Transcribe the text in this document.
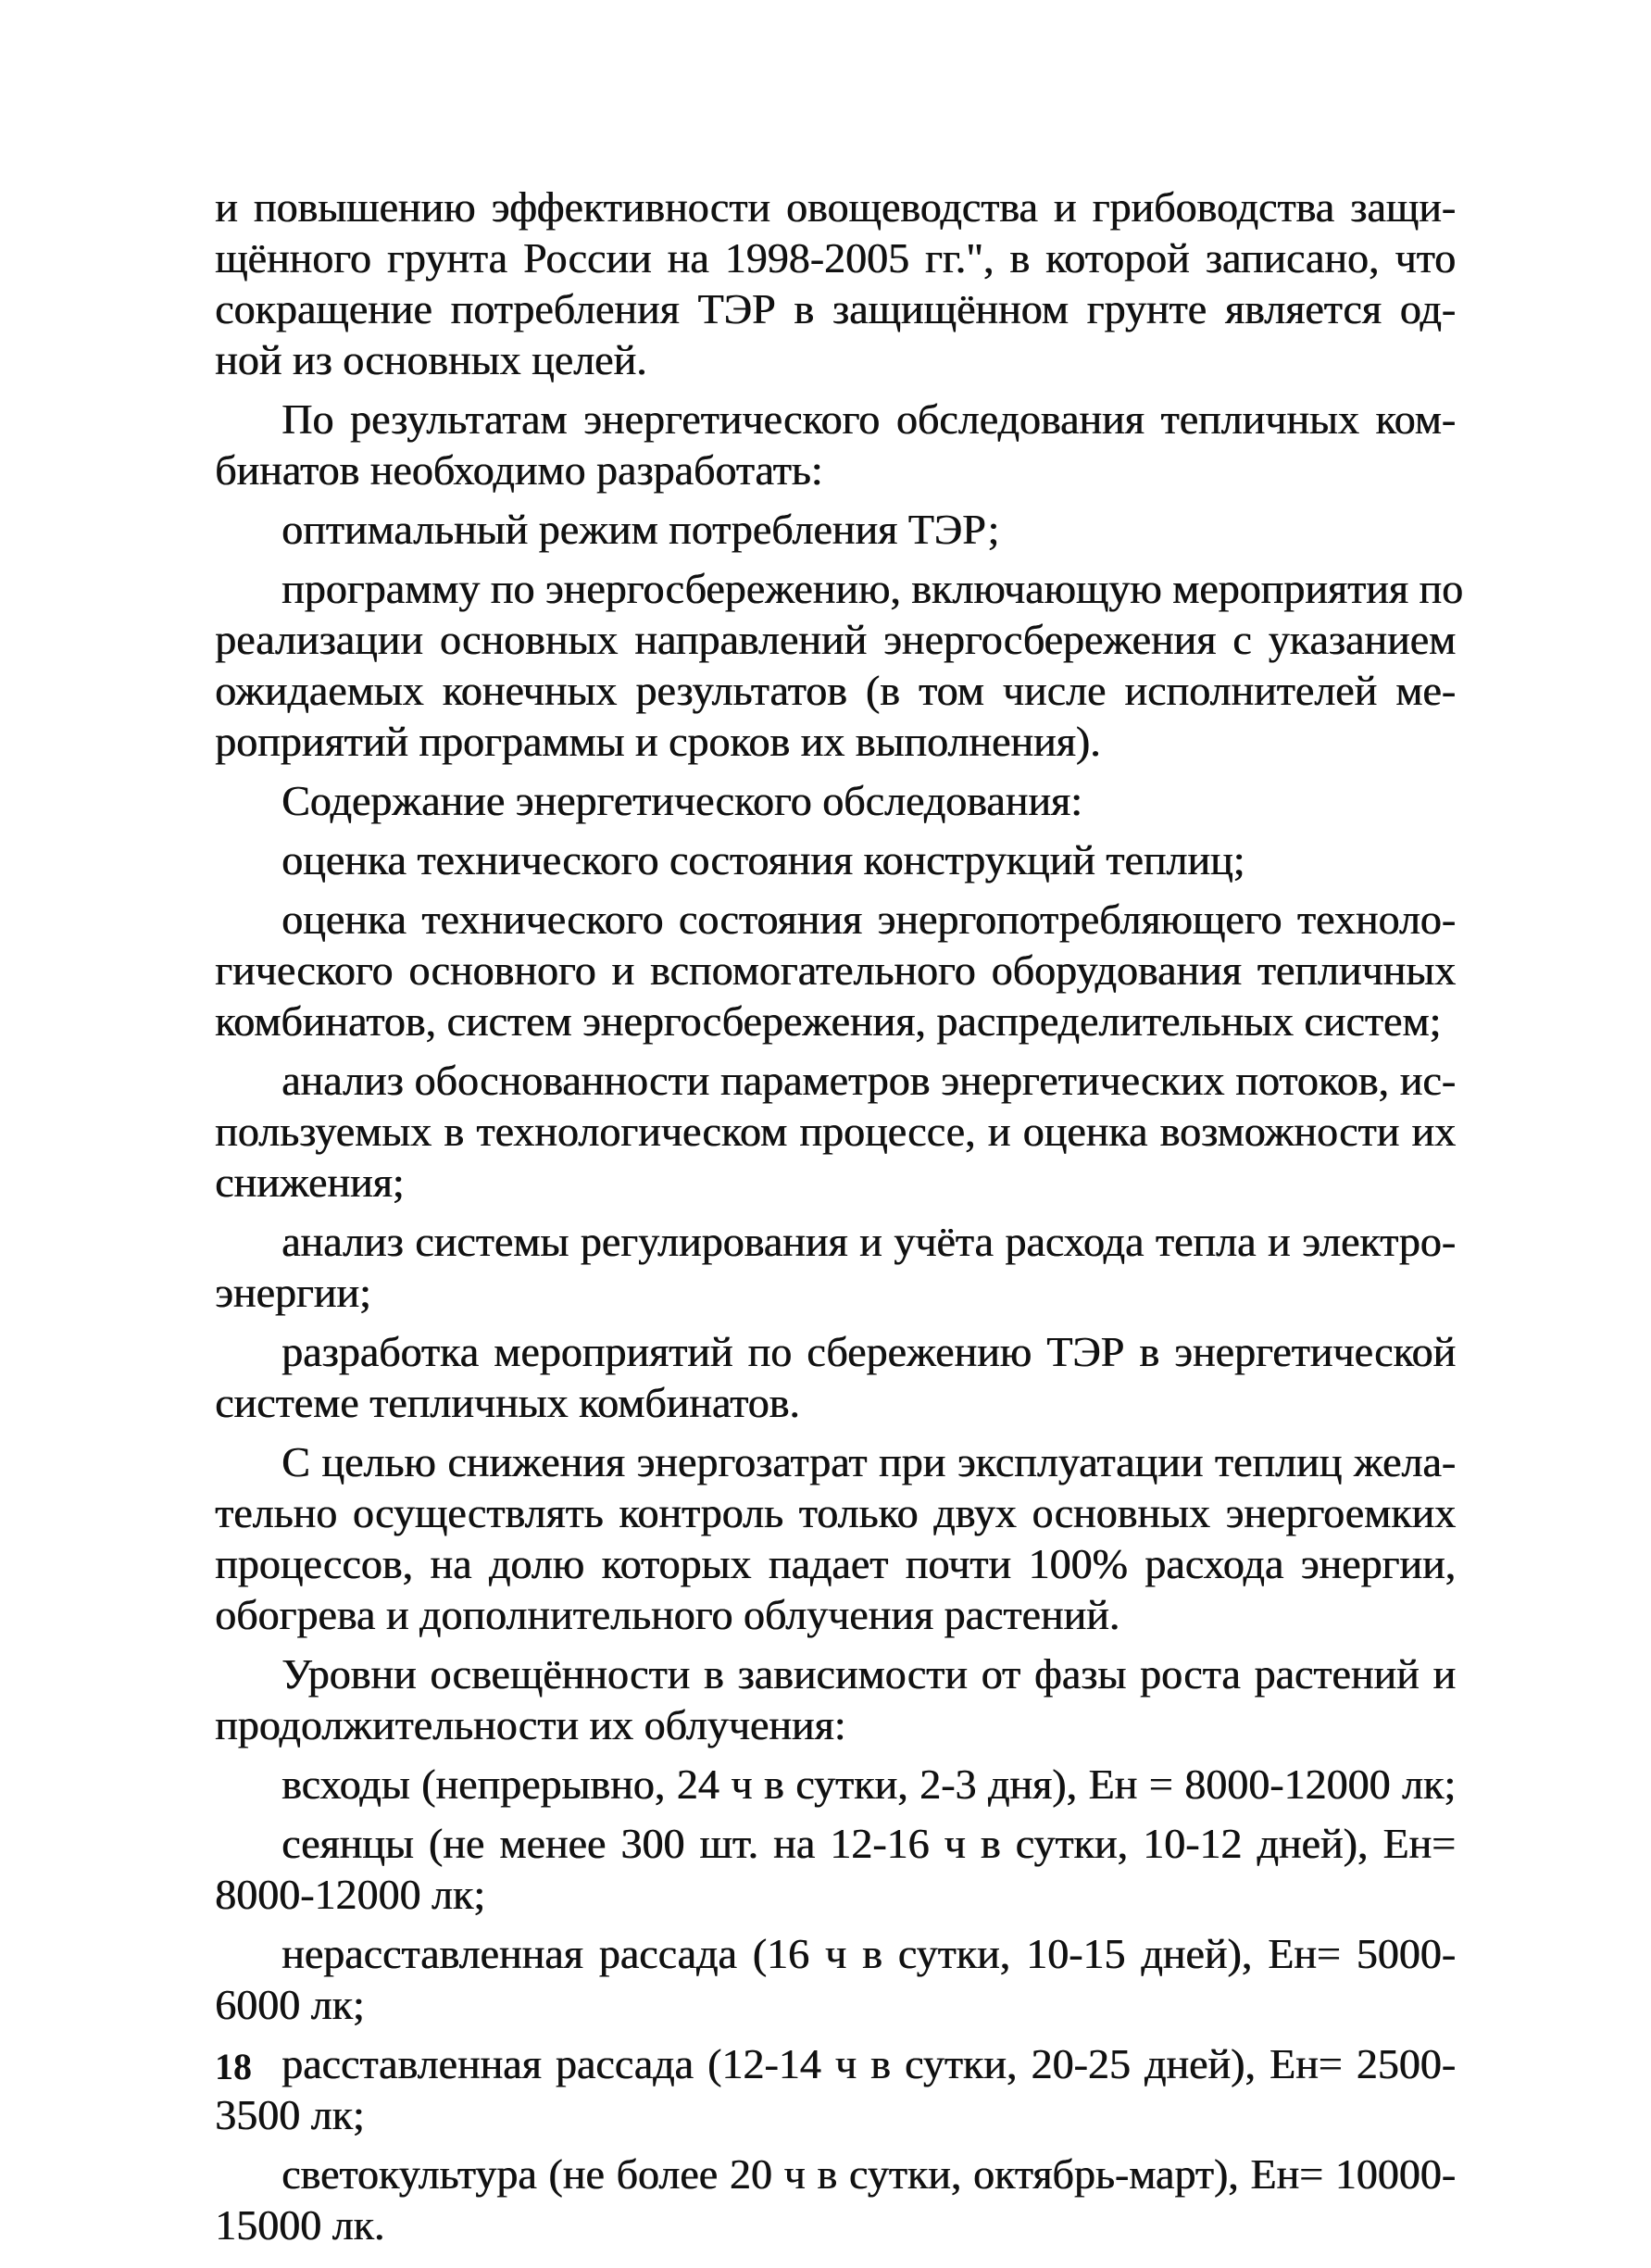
и повышению эффективности овощеводства и грибоводства защи-
щённого грунта России на 1998-2005 гг.", в которой записано, что
сокращение потребления ТЭР в защищённом грунте является од-
ной из основных целей.
По результатам энергетического обследования тепличных ком-
бинатов необходимо разработать:
оптимальный режим потребления ТЭР;
программу по энергосбережению, включающую мероприятия по
реализации основных направлений энергосбережения с указанием
ожидаемых конечных результатов (в том числе исполнителей ме-
роприятий программы и сроков их выполнения).
Содержание энергетического обследования:
оценка технического состояния конструкций теплиц;
оценка технического состояния энергопотребляющего техноло-
гического основного и вспомогательного оборудования тепличных
комбинатов, систем энергосбережения, распределительных систем;
анализ обоснованности параметров энергетических потоков, ис-
пользуемых в технологическом процессе, и оценка возможности их
снижения;
анализ системы регулирования и учёта расхода тепла и электро-
энергии;
разработка мероприятий по сбережению ТЭР в энергетической
системе тепличных комбинатов.
С целью снижения энергозатрат при эксплуатации теплиц жела-
тельно осуществлять контроль только двух основных энергоемких
процессов, на долю которых падает почти 100% расхода энергии,
обогрева и дополнительного облучения растений.
Уровни освещённости в зависимости от фазы роста растений и
продолжительности их облучения:
всходы (непрерывно, 24 ч в сутки, 2-3 дня), Eн = 8000-12000 лк;
сеянцы (не менее 300 шт. на 12-16 ч в сутки, 10-12 дней), Eн=
8000-12000 лк;
нерасставленная рассада (16 ч в сутки, 10-15 дней), Eн= 5000-
6000 лк;
расставленная рассада (12-14 ч в сутки, 20-25 дней), Eн= 2500-
3500 лк;
светокультура (не более 20 ч в сутки, октябрь-март), Eн= 10000-
15000 лк.
18
